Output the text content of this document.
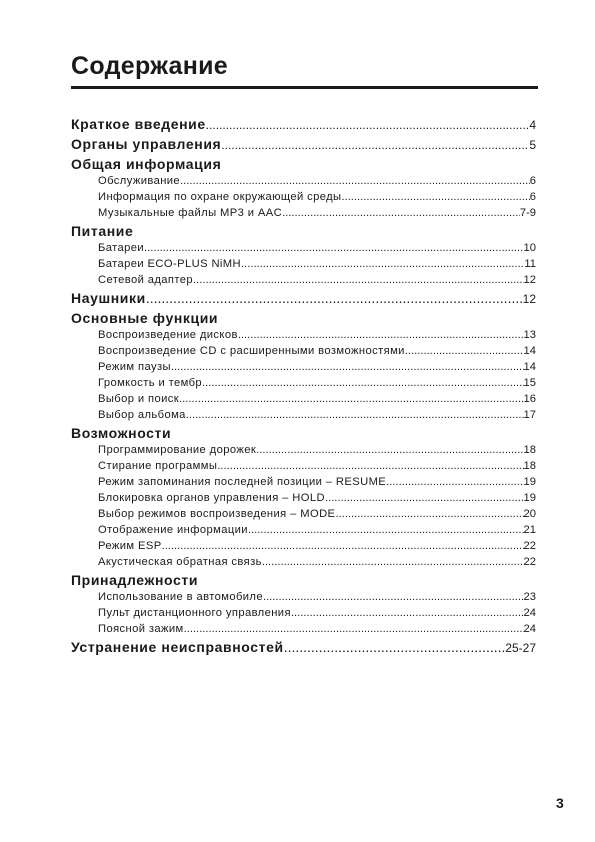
Содержание
Краткое введение .....	4
Органы управления .....	5
Общая информация
Обслуживание .....	6
Информация по охране окружающей среды .....	6
Музыкальные файлы MP3 и AAC .....	7-9
Питание
Батареи .....	10
Батареи ECO-PLUS NiMH .....	11
Сетевой адаптер .....	12
Наушники .....	12
Основные функции
Воспроизведение дисков .....	13
Воспроизведение CD с расширенными возможностями .....	14
Режим паузы .....	14
Громкость и тембр .....	15
Выбор и поиск .....	16
Выбор альбома .....	17
Возможности
Программирование дорожек .....	18
Стирание программы .....	18
Режим запоминания последней позиции – RESUME .....	19
Блокировка органов управления – HOLD .....	19
Выбор режимов воспроизведения – MODE .....	20
Отображение информации .....	21
Режим ESP .....	22
Акустическая обратная связь .....	22
Принадлежности
Использование в автомобиле .....	23
Пульт дистанционного управления .....	24
Поясной зажим .....	24
Устранение неисправностей .....	25-27
3
